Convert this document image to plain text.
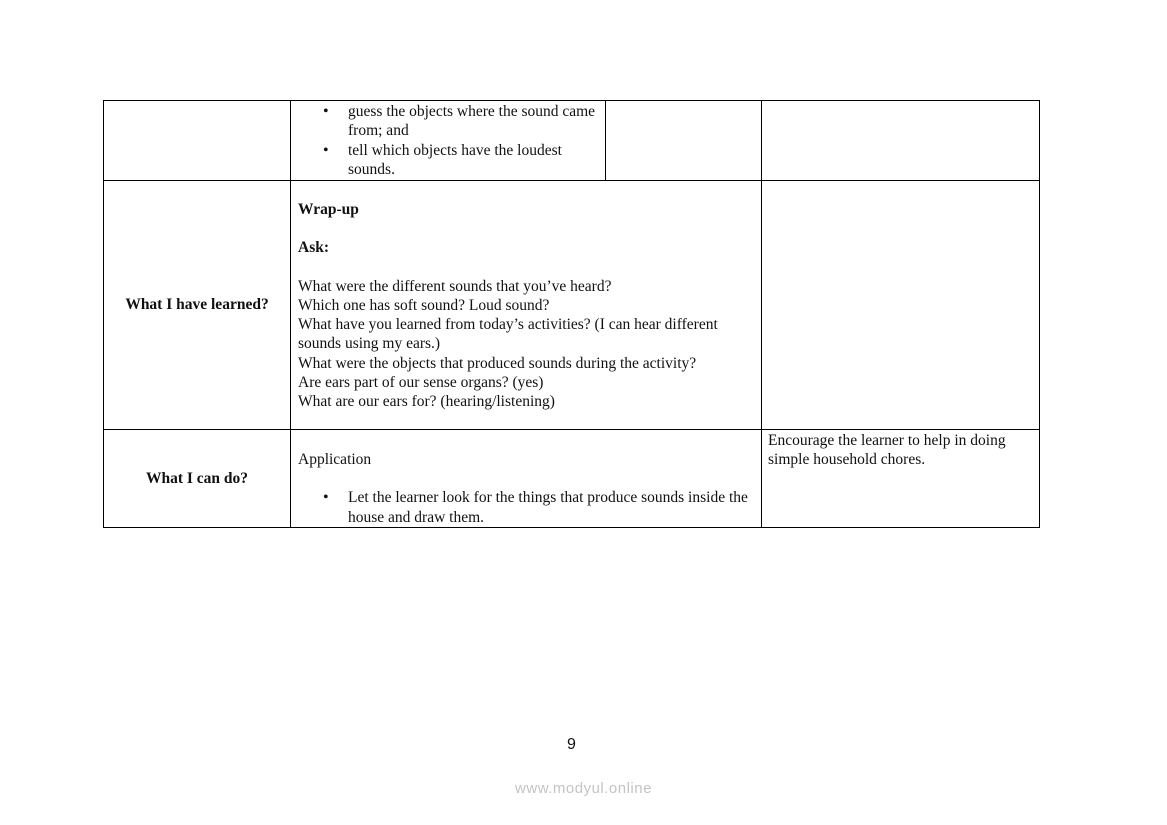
• guess the objects where the sound came from; and
• tell which objects have the loudest sounds.
What I have learned?
Wrap-up
Ask:
What were the different sounds that you’ve heard?
Which one has soft sound? Loud sound?
What have you learned from today’s activities? (I can hear different sounds using my ears.)
What were the objects that produced sounds during the activity?
Are ears part of our sense organs? (yes)
What are our ears for? (hearing/listening)
What I can do?
Application
• Let the learner look for the things that produce sounds inside the house and draw them.
Encourage the learner to help in doing simple household chores.
9
www.modyul.online
